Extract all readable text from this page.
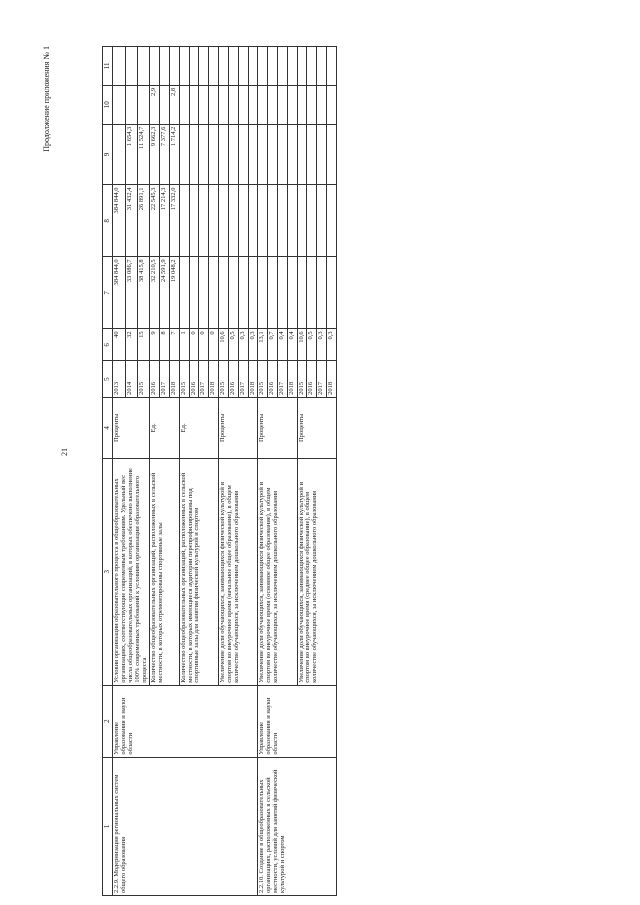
21
Продолжение приложения № 1
1	2	3	4	5	6	7	8	9	10	11
2.2.9. Модернизация региональных систем общего образования	Управление образования и науки области	Условия организации образовательного процесса в общеобразовательных организациях, соответствующие современным требованиям. Удельный вес числа общеобразовательных организаций, в которых обеспечено выполнение 100% современных требований к условиям организации образовательного процесса	Проценты	2013	40	384 844,0	384 844,0			
				2014	32	33 086,7	31 432,4	1 654,3		
				2015	15	38 415,8	26 891,1	11 524,7		
		Количество общеобразовательных организаций, расположенных в сельской местности, в которых отремонтированы спортивные залы	Ед.	2016	9	32 210,5	22 545,3	9 662,3	2,9	
				2017	8	24 591,9	17 214,3	7 377,6		
				2018	7	19 048,2	17 332,0	1 714,2	2,8	
		Количество общеобразовательных организаций, расположенных в сельской местности, в которых имеющиеся аудитории перепрофилированы под спортивные залы для занятия физической культурой и спортом	Ед.	2015	1					
				2016	0					
				2017	0					
				2018	0					
		Увеличение доли обучающихся, занимающихся физической культурой и спортом во внеурочное время (начальное общее образование), в общем количестве обучающихся, за исключением дошкольного образования	Проценты	2015	10,6					
				2016	0,5					
				2017	0,3					
				2018	0,3					
2.2.10. Создание в общеобразовательных организациях, расположенных в сельской местности, условий для занятий физической культурой и спортом	Управление образования и науки области	Увеличение доли обучающихся, занимающихся физической культурой и спортом во внеурочное время (основное общее образование), в общем количестве обучающихся, за исключением дошкольного образования	Проценты	2015	13,1					
				2016	0,7					
				2017	0,4					
				2018	0,4					
		Увеличение доли обучающихся, занимающихся физической культурой и спортом во внеурочное время (среднее общее образование), в общем количестве обучающихся, за исключением дошкольного образования	Проценты	2015	10,6					
				2016	0,5					
				2017	0,3					
				2018	0,3					
